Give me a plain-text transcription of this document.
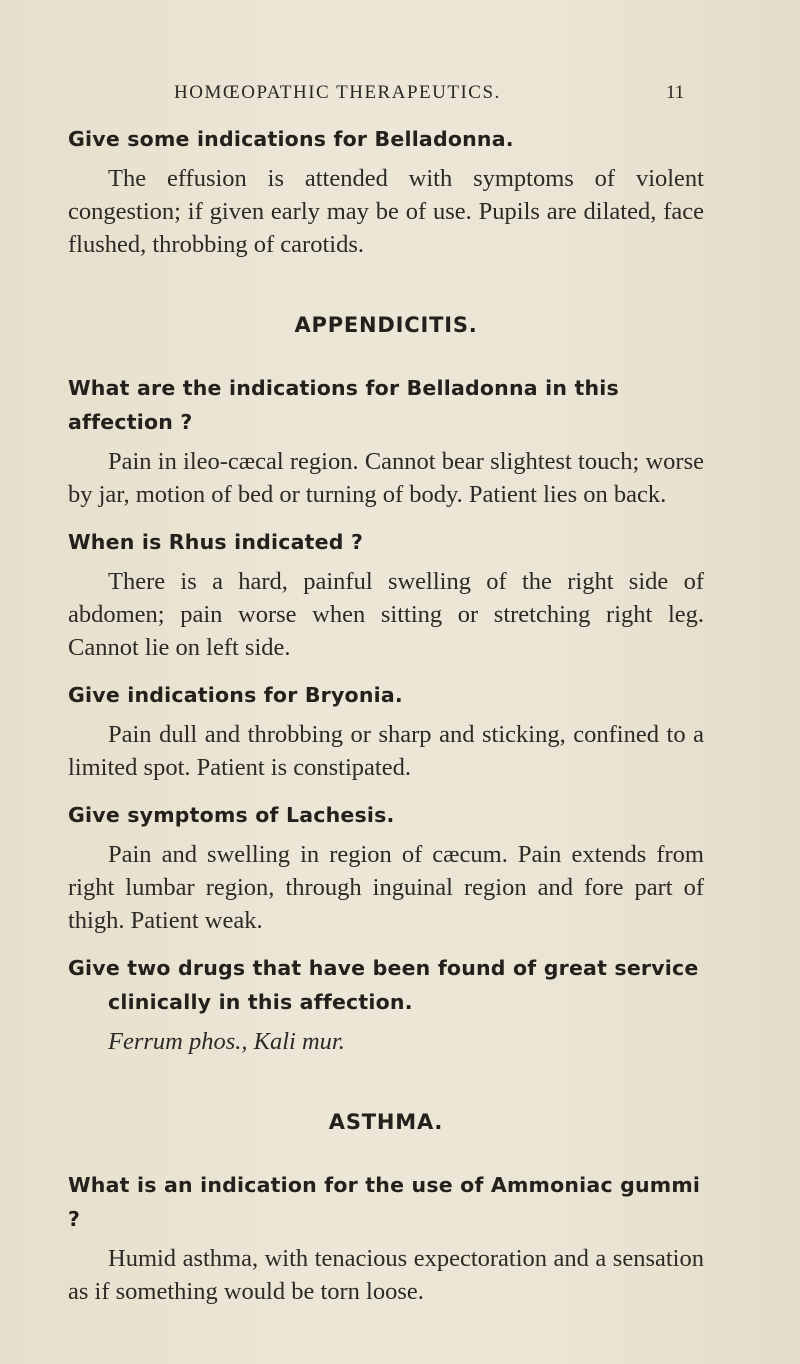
HOMŒOPATHIC THERAPEUTICS.	11

Give some indications for Belladonna.

The effusion is attended with symptoms of violent congestion; if given early may be of use. Pupils are dilated, face flushed, throbbing of carotids.

APPENDICITIS.

What are the indications for Belladonna in this affection ?

Pain in ileo-cæcal region. Cannot bear slightest touch; worse by jar, motion of bed or turning of body. Patient lies on back.

When is Rhus indicated ?

There is a hard, painful swelling of the right side of abdomen; pain worse when sitting or stretching right leg. Cannot lie on left side.

Give indications for Bryonia.

Pain dull and throbbing or sharp and sticking, confined to a limited spot. Patient is constipated.

Give symptoms of Lachesis.

Pain and swelling in region of cæcum. Pain extends from right lumbar region, through inguinal region and fore part of thigh. Patient weak.

Give two drugs that have been found of great service clinically in this affection.

Ferrum phos., Kali mur.

ASTHMA.

What is an indication for the use of Ammoniac gummi ?

Humid asthma, with tenacious expectoration and a sensation as if something would be torn loose.
